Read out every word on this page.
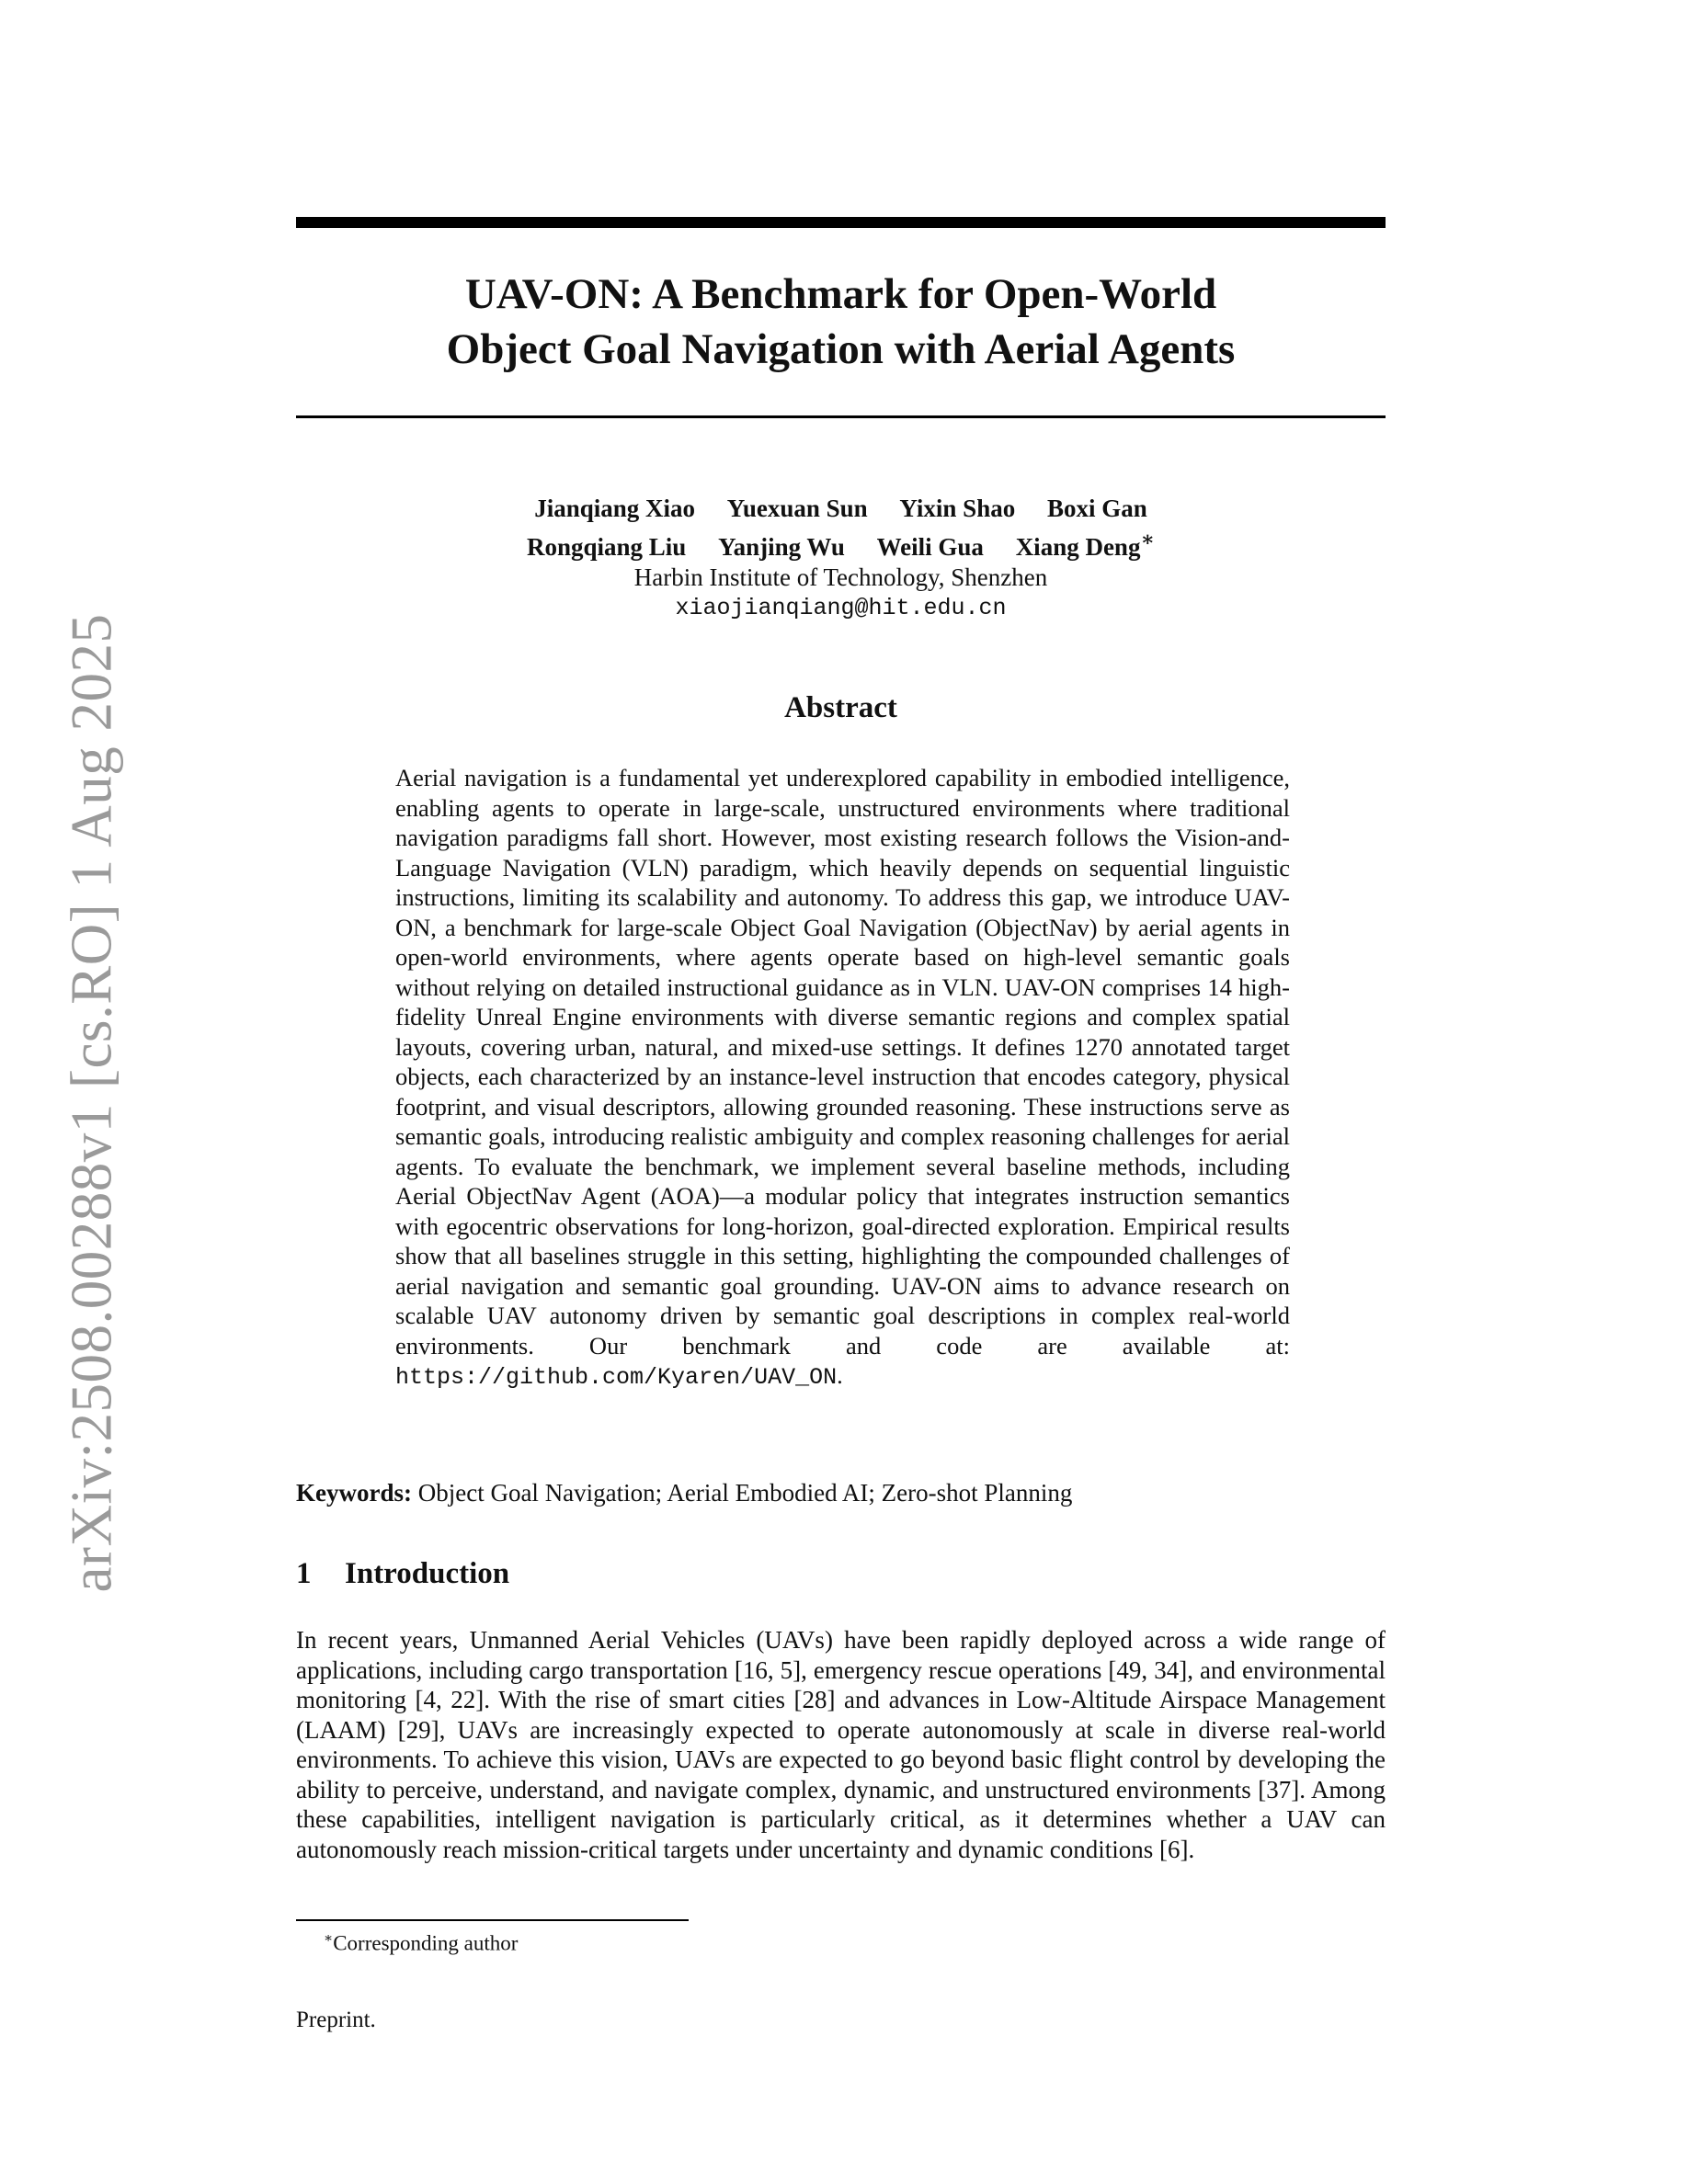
arXiv:2508.00288v1 [cs.RO] 1 Aug 2025
UAV-ON: A Benchmark for Open-World
Object Goal Navigation with Aerial Agents
Jianqiang Xiao Yuexuan Sun Yixin Shao Boxi Gan
Rongqiang Liu Yanjing Wu Weili Gua Xiang Deng∗
Harbin Institute of Technology, Shenzhen
xiaojianqiang@hit.edu.cn
Abstract

Aerial navigation is a fundamental yet underexplored capability in embodied intelligence, enabling agents to operate in large-scale, unstructured environments where traditional navigation paradigms fall short. However, most existing research follows the Vision-and-Language Navigation (VLN) paradigm, which heavily depends on sequential linguistic instructions, limiting its scalability and autonomy. To address this gap, we introduce UAV-ON, a benchmark for large-scale Object Goal Navigation (ObjectNav) by aerial agents in open-world environments, where agents operate based on high-level semantic goals without relying on detailed instructional guidance as in VLN. UAV-ON comprises 14 high-fidelity Unreal Engine environments with diverse semantic regions and complex spatial layouts, covering urban, natural, and mixed-use settings. It defines 1270 annotated target objects, each characterized by an instance-level instruction that encodes category, physical footprint, and visual descriptors, allowing grounded reasoning. These instructions serve as semantic goals, introducing realistic ambiguity and complex reasoning challenges for aerial agents. To evaluate the benchmark, we implement several baseline methods, including Aerial ObjectNav Agent (AOA)—a modular policy that integrates instruction semantics with egocentric observations for long-horizon, goal-directed exploration. Empirical results show that all baselines struggle in this setting, highlighting the compounded challenges of aerial navigation and semantic goal grounding. UAV-ON aims to advance research on scalable UAV autonomy driven by semantic goal descriptions in complex real-world environments. Our benchmark and code are available at: https://github.com/Kyaren/UAV_ON.

Keywords: Object Goal Navigation; Aerial Embodied AI; Zero-shot Planning

1 Introduction

In recent years, Unmanned Aerial Vehicles (UAVs) have been rapidly deployed across a wide range of applications, including cargo transportation [16, 5], emergency rescue operations [49, 34], and environmental monitoring [4, 22]. With the rise of smart cities [28] and advances in Low-Altitude Airspace Management (LAAM) [29], UAVs are increasingly expected to operate autonomously at scale in diverse real-world environments. To achieve this vision, UAVs are expected to go beyond basic flight control by developing the ability to perceive, understand, and navigate complex, dynamic, and unstructured environments [37]. Among these capabilities, intelligent navigation is particularly critical, as it determines whether a UAV can autonomously reach mission-critical targets under uncertainty and dynamic conditions [6].

∗Corresponding author

Preprint.
